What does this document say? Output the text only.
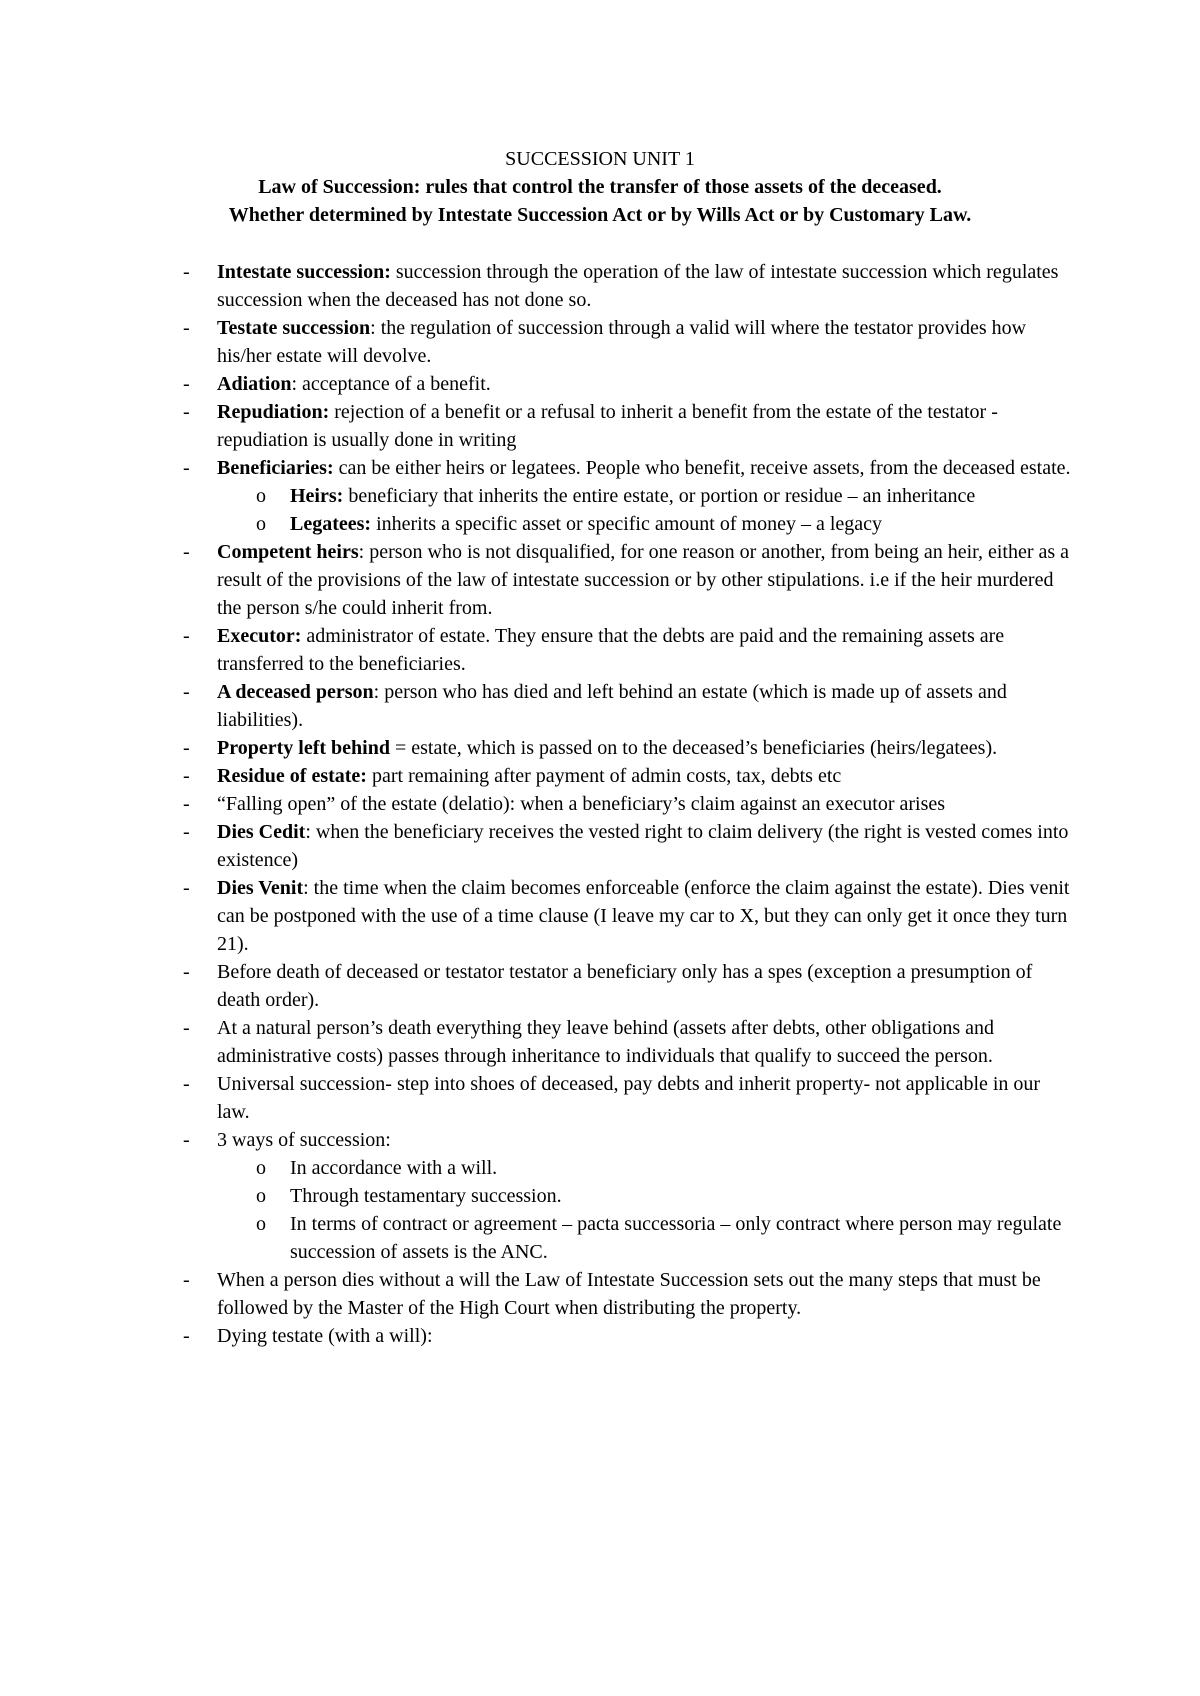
SUCCESSION UNIT 1
Law of Succession: rules that control the transfer of those assets of the deceased.
Whether determined by Intestate Succession Act or by Wills Act or by Customary Law.
- Intestate succession: succession through the operation of the law of intestate succession which regulates succession when the deceased has not done so.
- Testate succession: the regulation of succession through a valid will where the testator provides how his/her estate will devolve.
- Adiation: acceptance of a benefit.
- Repudiation: rejection of a benefit or a refusal to inherit a benefit from the estate of the testator - repudiation is usually done in writing
- Beneficiaries: can be either heirs or legatees. People who benefit, receive assets, from the deceased estate.
o Heirs: beneficiary that inherits the entire estate, or portion or residue – an inheritance
o Legatees: inherits a specific asset or specific amount of money – a legacy
- Competent heirs: person who is not disqualified, for one reason or another, from being an heir, either as a result of the provisions of the law of intestate succession or by other stipulations. i.e if the heir murdered the person s/he could inherit from.
- Executor: administrator of estate. They ensure that the debts are paid and the remaining assets are transferred to the beneficiaries.
- A deceased person: person who has died and left behind an estate (which is made up of assets and liabilities).
- Property left behind = estate, which is passed on to the deceased’s beneficiaries (heirs/legatees).
- Residue of estate: part remaining after payment of admin costs, tax, debts etc
- “Falling open” of the estate (delatio): when a beneficiary’s claim against an executor arises
- Dies Cedit: when the beneficiary receives the vested right to claim delivery (the right is vested comes into existence)
- Dies Venit: the time when the claim becomes enforceable (enforce the claim against the estate). Dies venit can be postponed with the use of a time clause (I leave my car to X, but they can only get it once they turn 21).
- Before death of deceased or testator testator a beneficiary only has a spes (exception a presumption of death order).
- At a natural person’s death everything they leave behind (assets after debts, other obligations and administrative costs) passes through inheritance to individuals that qualify to succeed the person.
- Universal succession- step into shoes of deceased, pay debts and inherit property- not applicable in our law.
- 3 ways of succession:
o In accordance with a will.
o Through testamentary succession.
o In terms of contract or agreement – pacta successoria – only contract where person may regulate succession of assets is the ANC.
- When a person dies without a will the Law of Intestate Succession sets out the many steps that must be followed by the Master of the High Court when distributing the property.
- Dying testate (with a will):
